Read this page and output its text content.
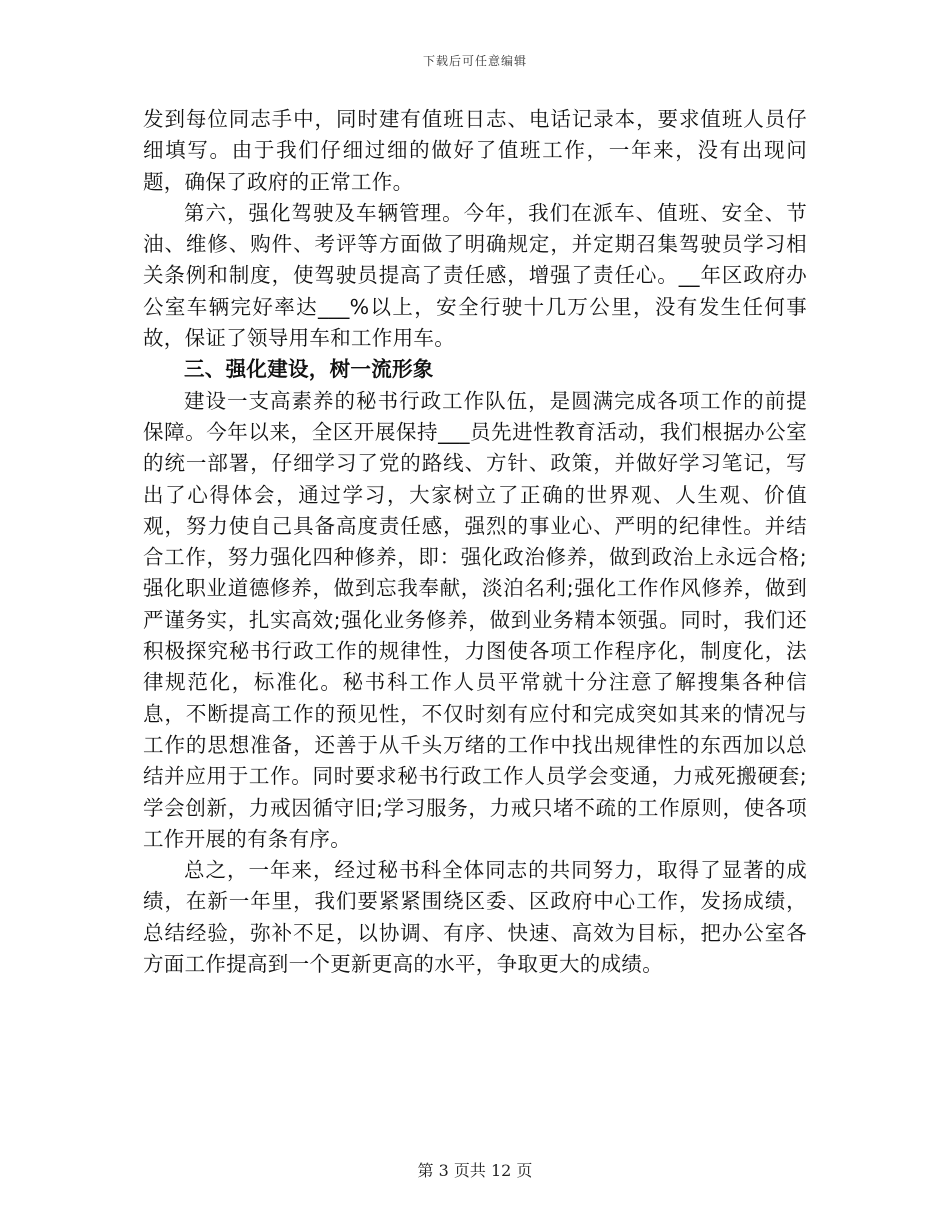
下载后可任意编辑

发到每位同志手中，同时建有值班日志、电话记录本，要求值班人员仔细填写。由于我们仔细过细的做好了值班工作，一年来，没有出现问题，确保了政府的正常工作。

第六，强化驾驶及车辆管理。今年，我们在派车、值班、安全、节油、维修、购件、考评等方面做了明确规定，并定期召集驾驶员学习相关条例和制度，使驾驶员提高了责任感，增强了责任心。__年区政府办公室车辆完好率达___%以上，安全行驶十几万公里，没有发生任何事故，保证了领导用车和工作用车。

三、强化建设，树一流形象

建设一支高素养的秘书行政工作队伍，是圆满完成各项工作的前提保障。今年以来，全区开展保持___员先进性教育活动，我们根据办公室的统一部署，仔细学习了党的路线、方针、政策，并做好学习笔记，写出了心得体会，通过学习，大家树立了正确的世界观、人生观、价值观，努力使自己具备高度责任感，强烈的事业心、严明的纪律性。并结合工作，努力强化四种修养，即：强化政治修养，做到政治上永远合格;强化职业道德修养，做到忘我奉献，淡泊名利;强化工作作风修养，做到严谨务实，扎实高效;强化业务修养，做到业务精本领强。同时，我们还积极探究秘书行政工作的规律性，力图使各项工作程序化，制度化，法律规范化，标准化。秘书科工作人员平常就十分注意了解搜集各种信息，不断提高工作的预见性，不仅时刻有应付和完成突如其来的情况与工作的思想准备，还善于从千头万绪的工作中找出规律性的东西加以总结并应用于工作。同时要求秘书行政工作人员学会变通，力戒死搬硬套;学会创新，力戒因循守旧;学习服务，力戒只堵不疏的工作原则，使各项工作开展的有条有序。

总之，一年来，经过秘书科全体同志的共同努力，取得了显著的成绩，在新一年里，我们要紧紧围绕区委、区政府中心工作，发扬成绩，总结经验，弥补不足，以协调、有序、快速、高效为目标，把办公室各方面工作提高到一个更新更高的水平，争取更大的成绩。

第 3 页共 12 页
